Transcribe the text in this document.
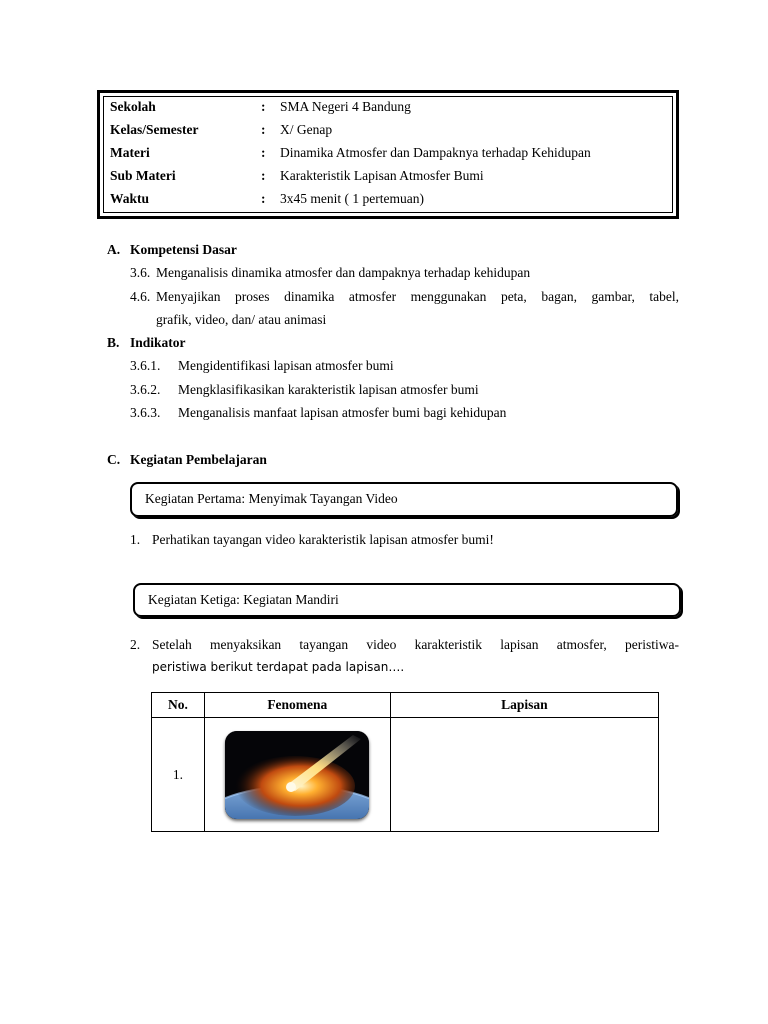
Sekolah	: SMA Negeri 4 Bandung
Kelas/Semester	: X/ Genap
Materi	: Dinamika Atmosfer dan Dampaknya terhadap Kehidupan
Sub Materi	: Karakteristik Lapisan Atmosfer Bumi
Waktu	: 3x45 menit ( 1 pertemuan)
A. Kompetensi Dasar
3.6. Menganalisis dinamika atmosfer dan dampaknya terhadap kehidupan
4.6. Menyajikan proses dinamika atmosfer menggunakan peta, bagan, gambar, tabel,
grafik, video, dan/ atau animasi
B. Indikator
3.6.1. Mengidentifikasi lapisan atmosfer bumi
3.6.2. Mengklasifikasikan karakteristik lapisan atmosfer bumi
3.6.3. Menganalisis manfaat lapisan atmosfer bumi bagi kehidupan
C. Kegiatan Pembelajaran
Kegiatan Pertama: Menyimak Tayangan Video
1. Perhatikan tayangan video karakteristik lapisan atmosfer bumi!
Kegiatan Ketiga: Kegiatan Mandiri
2. Setelah menyaksikan tayangan video karakteristik lapisan atmosfer, peristiwa-
peristiwa berikut terdapat pada lapisan….
No.	Fenomena	Lapisan
1.	
